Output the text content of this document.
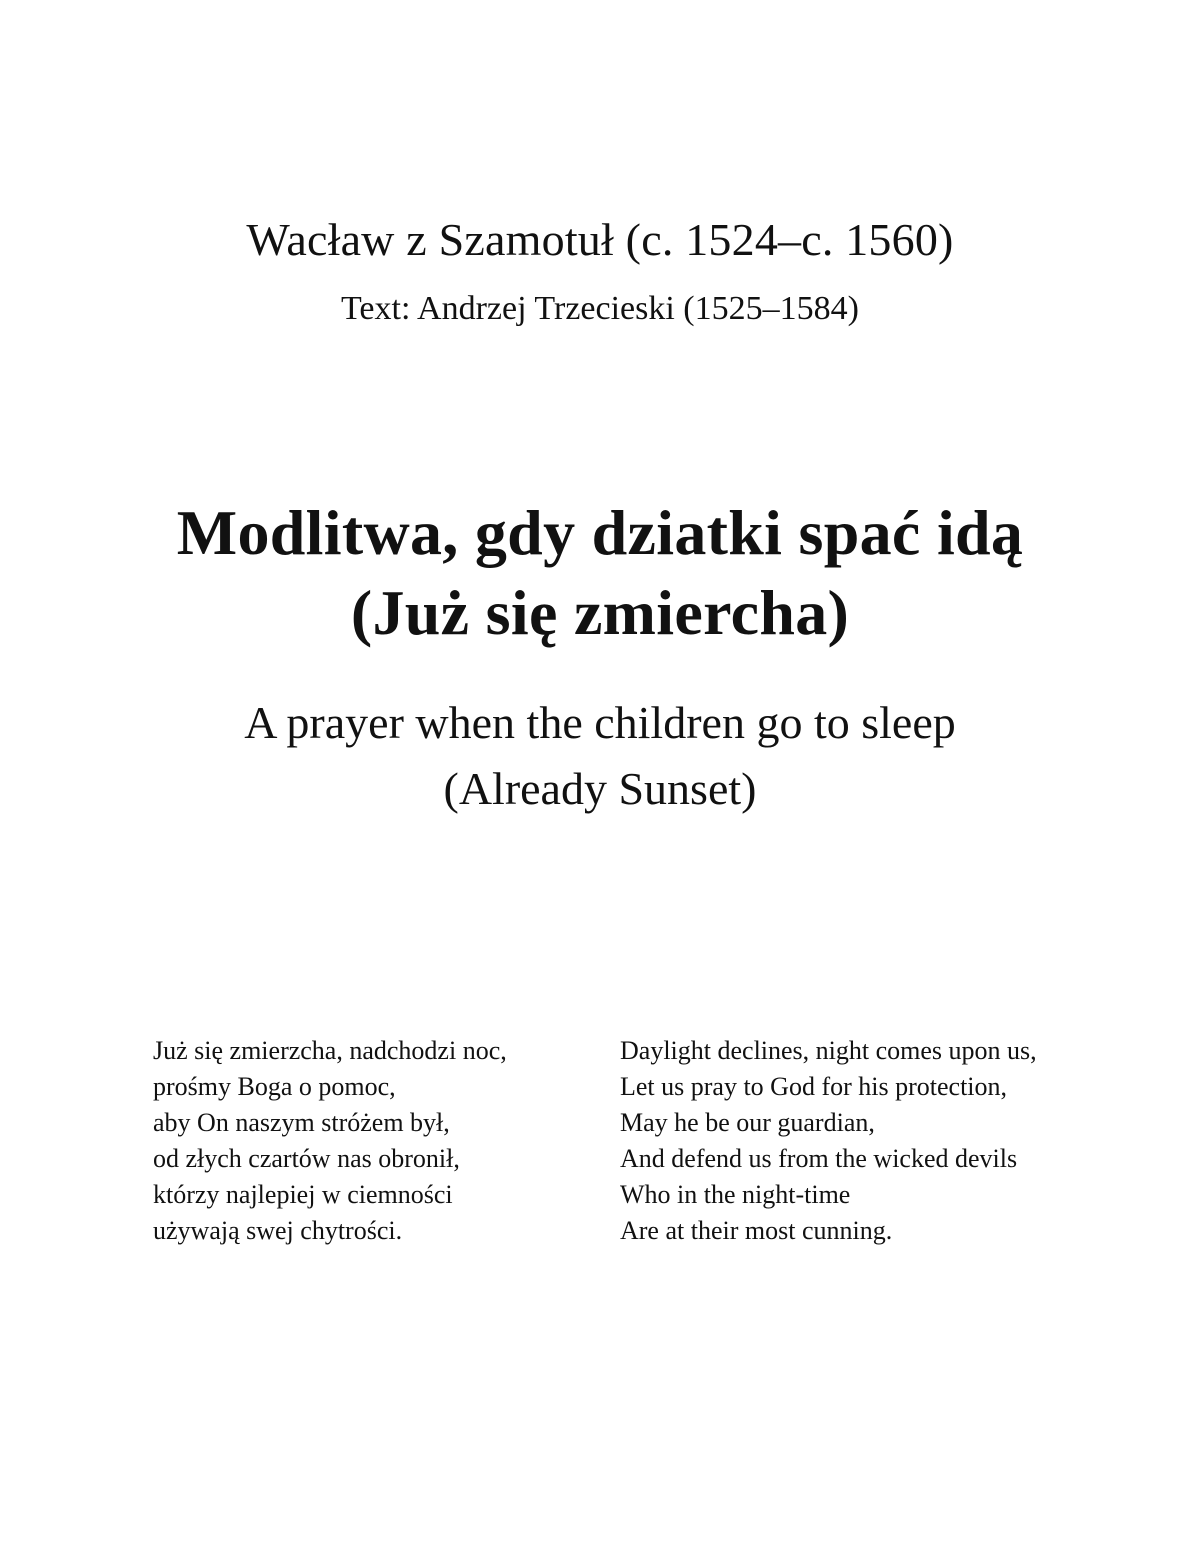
Wacław z Szamotuł (c. 1524–c. 1560)
Text: Andrzej Trzecieski (1525–1584)
Modlitwa, gdy dziatki spać idą
(Już się zmiercha)
A prayer when the children go to sleep
(Already Sunset)
Już się zmierzcha, nadchodzi noc,
prośmy Boga o pomoc,
aby On naszym stróżem był,
od złych czartów nas obronił,
którzy najlepiej w ciemności
używają swej chytrości.
Daylight declines, night comes upon us,
Let us pray to God for his protection,
May he be our guardian,
And defend us from the wicked devils
Who in the night-time
Are at their most cunning.
